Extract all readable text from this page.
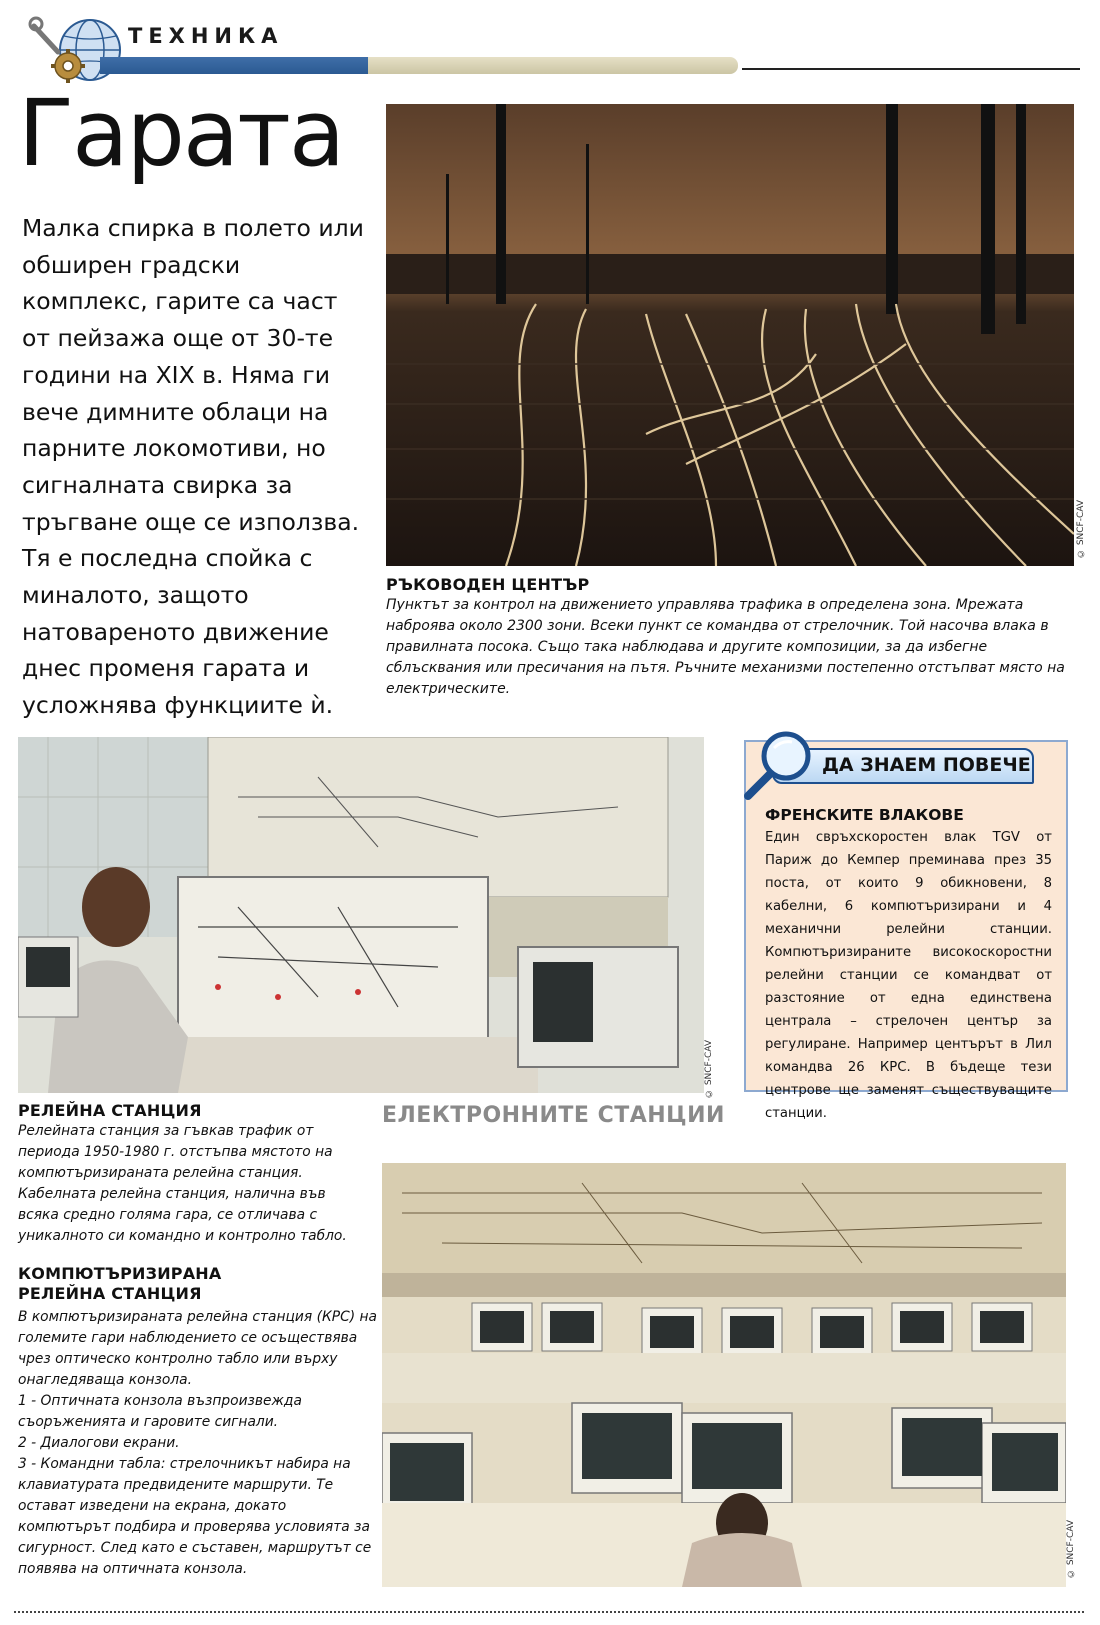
ТЕХНИКА
Гарата
Малка спирка в полето или обширен градски комплекс, гарите са част от пейзажа още от 30-те години на XIX в. Няма ги вече димните облаци на парните локомотиви, но сигналната свирка за тръгване още се използва. Тя е последна спойка с миналото, защото натовареното движение днес променя гарата и усложнява функциите ѝ.
© SNCF-CAV
РЪКОВОДЕН ЦЕНТЪР
Пунктът за контрол на движението управлява трафика в определена зона. Мрежата наброява около 2300 зони. Всеки пункт се командва от стрелочник. Той насочва влака в правилната посока. Също така наблюдава и другите композиции, за да избегне сблъсквания или пресичания на пътя. Ръчните механизми постепенно отстъпват място на електрическите.
© SNCF-CAV
РЕЛЕЙНА СТАНЦИЯ
Релейната станция за гъвкав трафик от периода 1950-1980 г. отстъпва мястото на компютъризираната релейна станция. Кабелната релейна станция, налична във всяка средно голяма гара, се отличава с уникалното си командно и контролно табло.
ДА ЗНАЕМ ПОВЕЧЕ
ФРЕНСКИТЕ ВЛАКОВЕ
Един свръхскоростен влак TGV от Париж до Кемпер преминава през 35 поста, от които 9 обикновени, 8 кабелни, 6 компютъризирани и 4 механични релейни станции. Компютъризираните високоскоростни релейни станции се командват от разстояние от една единствена централа – стрелочен център за регулиране. Например центърът в Лил командва 26 КРС. В бъдеще тези центрове ще заменят съществуващите станции.
ЕЛЕКТРОННИТЕ СТАНЦИИ
КОМПЮТЪРИЗИРАНА
РЕЛЕЙНА СТАНЦИЯ
В компютъризираната релейна станция (КРС) на големите гари наблюдението се осъществява чрез оптическо контролно табло или върху онагледяваща конзола.
1 - Оптичната конзола възпроизвежда съоръженията и гаровите сигнали.
2 - Диалогови екрани.
3 - Командни табла: стрелочникът набира на клавиатурата предвидените маршрути. Те остават изведени на екрана, докато компютърът подбира и проверява условията за сигурност. След като е съставен, маршрутът се появява на оптичната конзола.	© SNCF-CAV
